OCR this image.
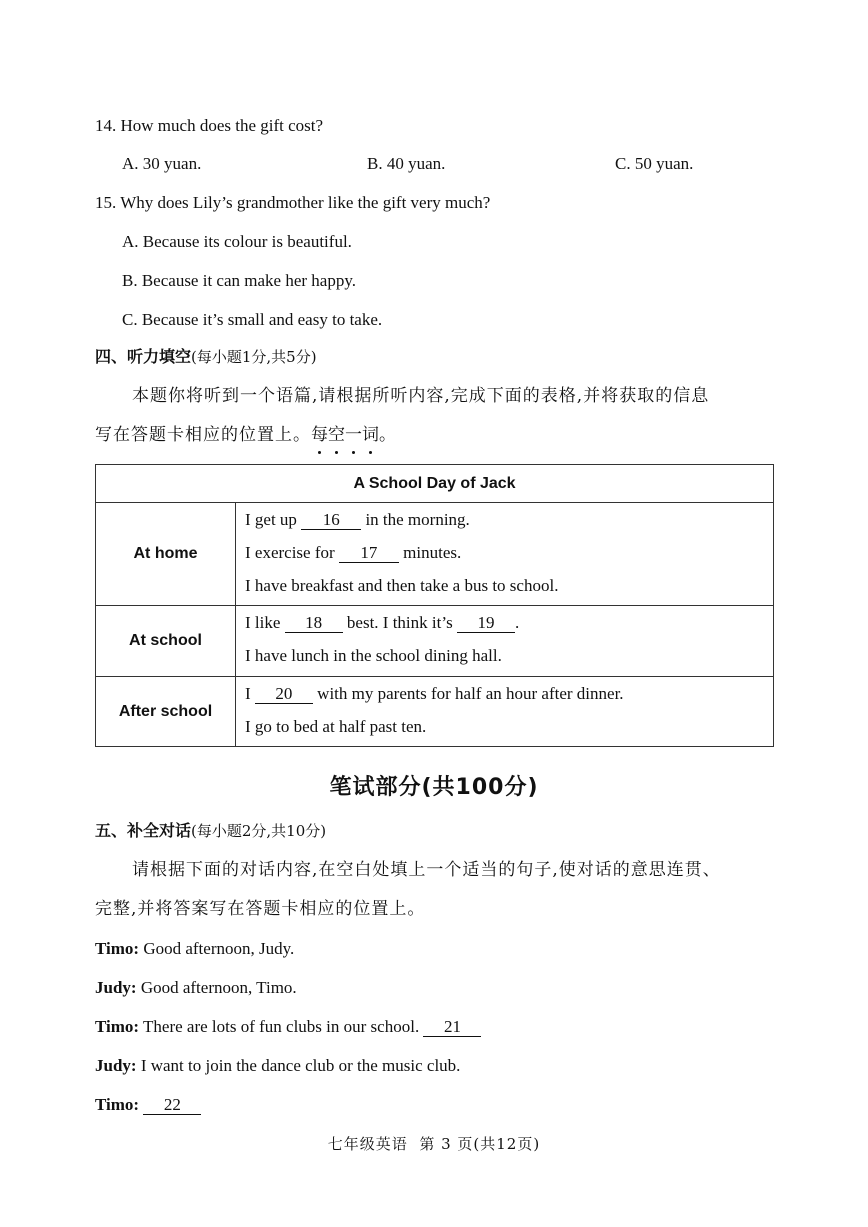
14. How much does the gift cost?
A. 30 yuan.	B. 40 yuan.	C. 50 yuan.
15. Why does Lily’s grandmother like the gift very much?
A. Because its colour is beautiful.
B. Because it can make her happy.
C. Because it’s small and easy to take.
四、听力填空(每小题1分,共5分)
本题你将听到一个语篇,请根据所听内容,完成下面的表格,并将获取的信息
写在答题卡相应的位置上。每空一词。
A School Day of Jack	
At home	I get up 16 in the morning.
I exercise for 17 minutes.
I have breakfast and then take a bus to school.

At school	I like 18 best. I think it’s 19 .
I have lunch in the school dining hall.

After school	I 20 with my parents for half an hour after dinner.
I go to bed at half past ten.
笔试部分(共100分)
五、补全对话(每小题2分,共10分)
请根据下面的对话内容,在空白处填上一个适当的句子,使对话的意思连贯、
完整,并将答案写在答题卡相应的位置上。
Timo: Good afternoon, Judy.
Judy: Good afternoon, Timo.
Timo: There are lots of fun clubs in our school. 21
Judy: I want to join the dance club or the music club.
Timo: 22
七年级英语  第 3 页(共12页)
